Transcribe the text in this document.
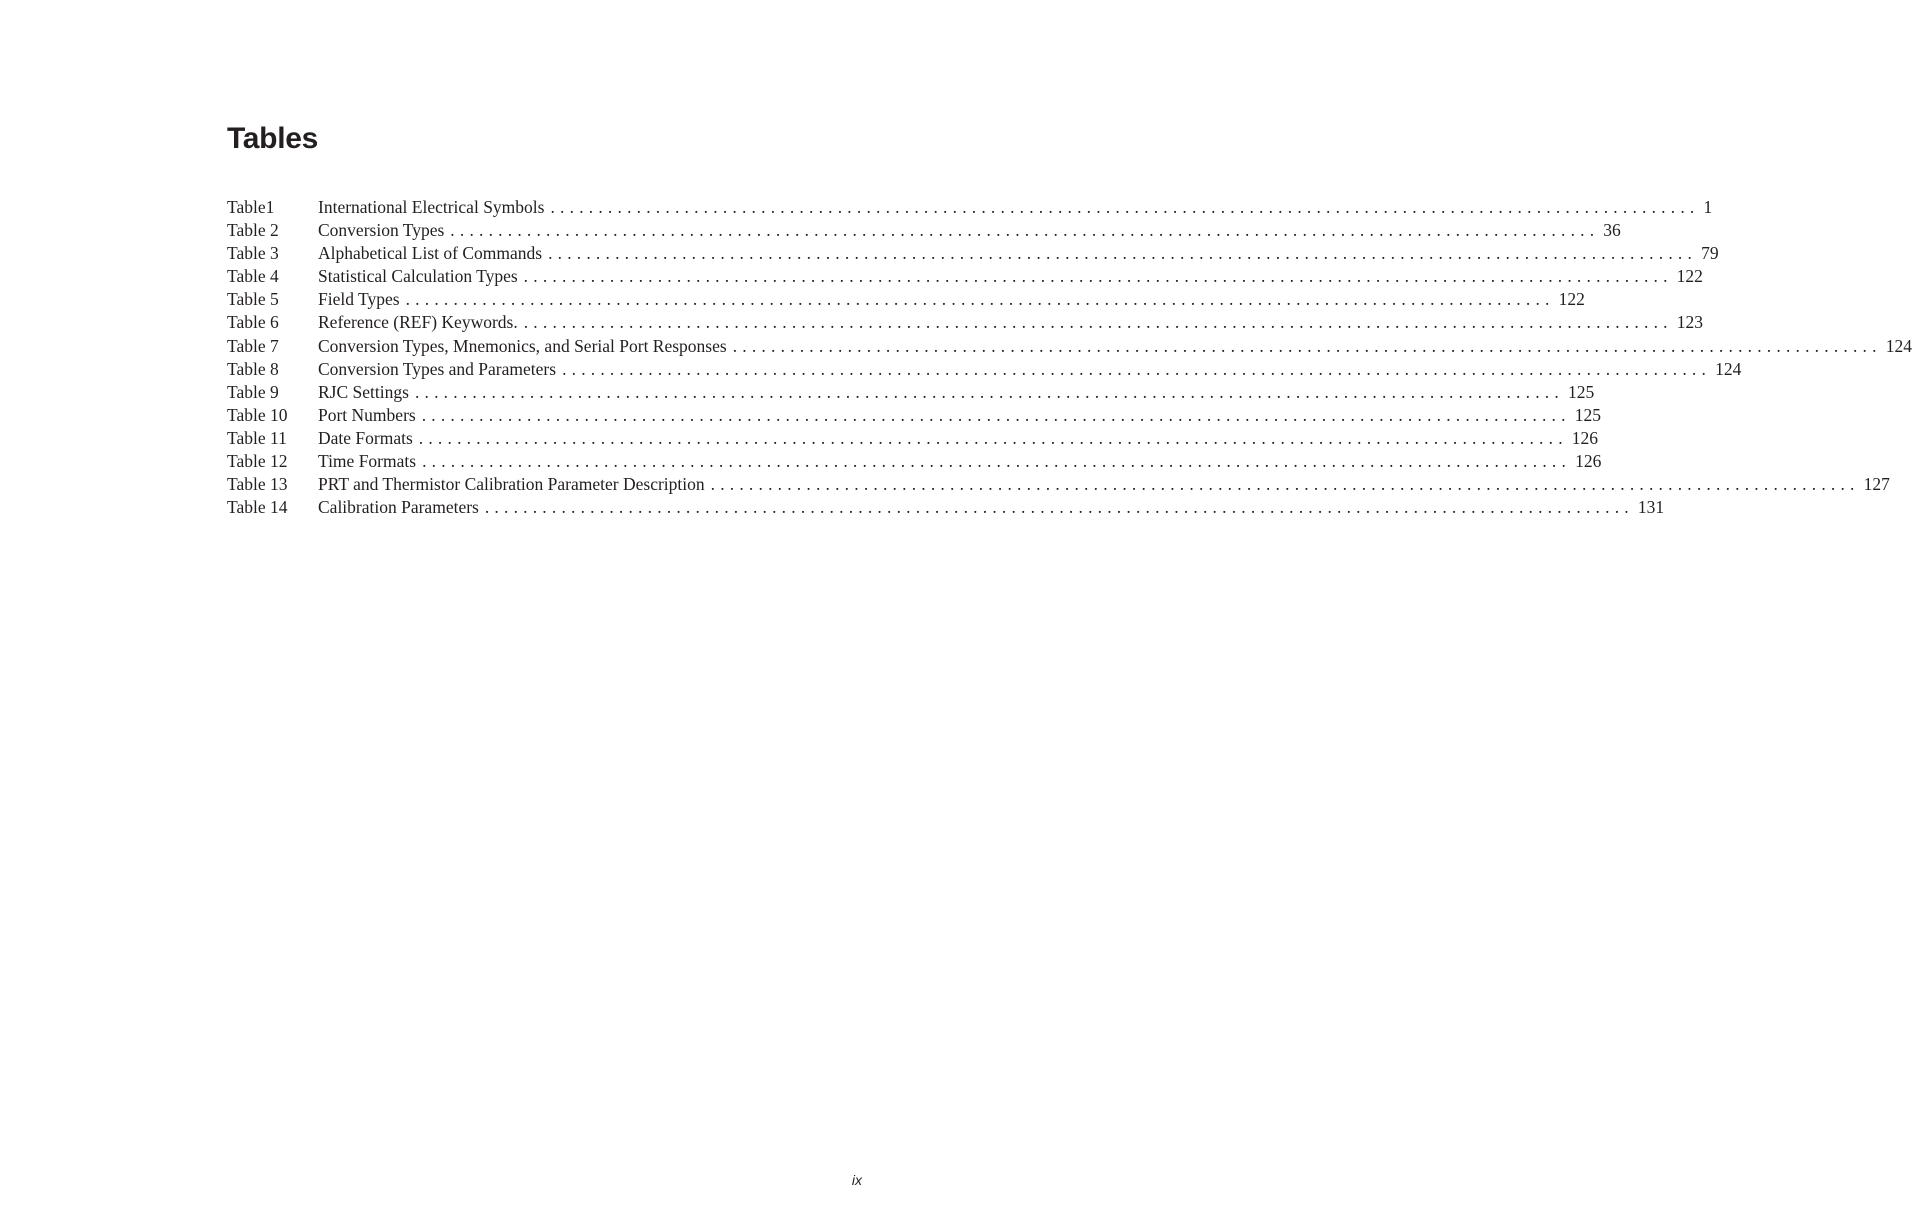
Tables
Table1	International Electrical Symbols ........................................................................................................................ 1
Table 2	Conversion Types ........................................................................................................................ 36
Table 3	Alphabetical List of Commands ........................................................................................................................ 79
Table 4	Statistical Calculation Types ........................................................................................................................ 122
Table 5	Field Types ........................................................................................................................ 122
Table 6	Reference (REF) Keywords. ........................................................................................................................ 123
Table 7	Conversion Types, Mnemonics, and Serial Port Responses ........................................................................................................................ 124
Table 8	Conversion Types and Parameters ........................................................................................................................ 124
Table 9	RJC Settings ........................................................................................................................ 125
Table 10	Port Numbers ........................................................................................................................ 125
Table 11	Date Formats ........................................................................................................................ 126
Table 12	Time Formats ........................................................................................................................ 126
Table 13	PRT and Thermistor Calibration Parameter Description ........................................................................................................................ 127
Table 14	Calibration Parameters ........................................................................................................................ 131
ix
